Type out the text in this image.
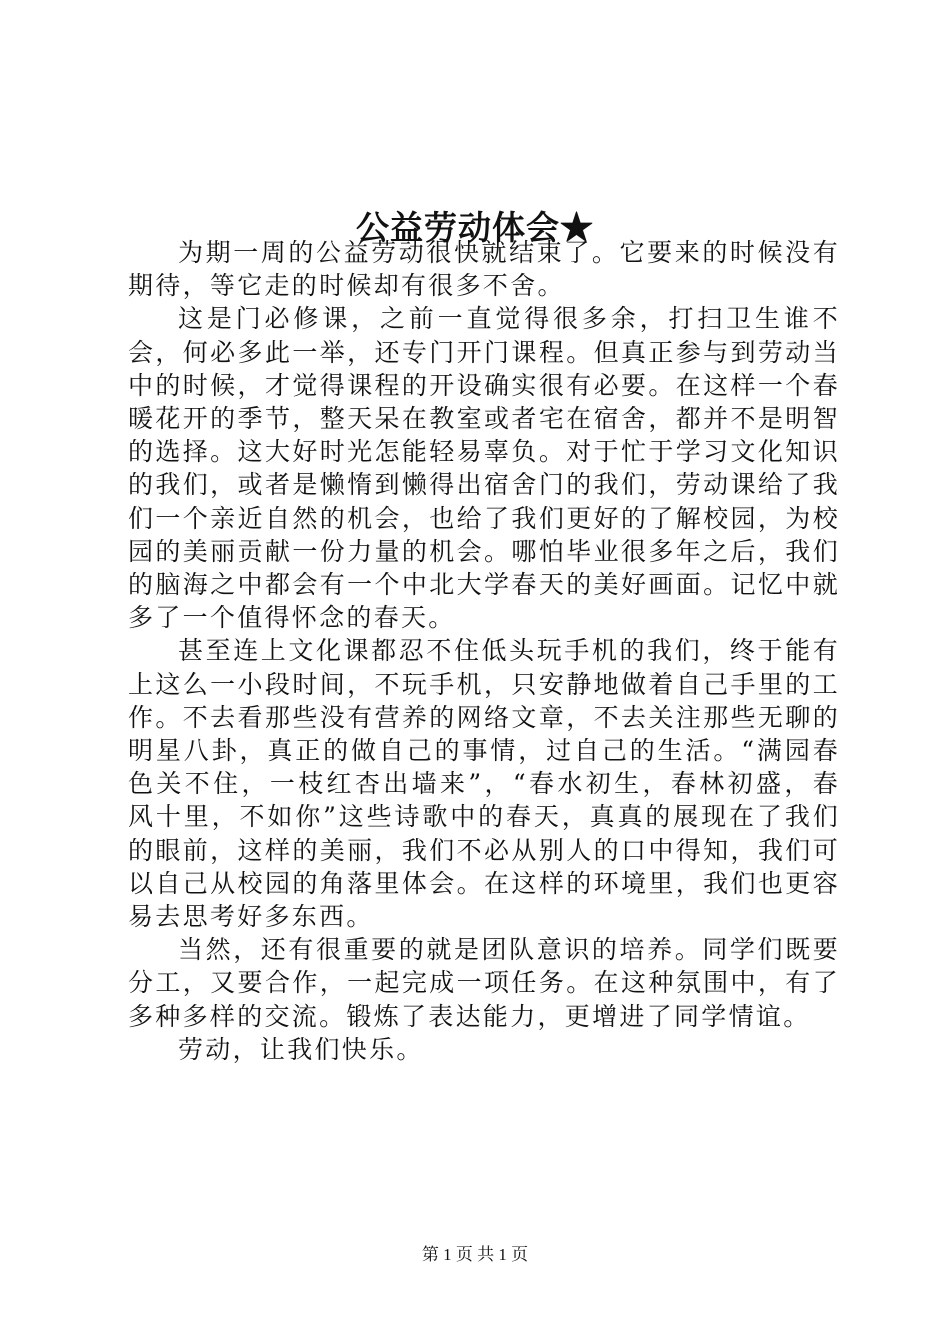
公益劳动体会★

为期一周的公益劳动很快就结束了。它要来的时候没有期待，等它走的时候却有很多不舍。

这是门必修课，之前一直觉得很多余，打扫卫生谁不会，何必多此一举，还专门开门课程。但真正参与到劳动当中的时候，才觉得课程的开设确实很有必要。在这样一个春暖花开的季节，整天呆在教室或者宅在宿舍，都并不是明智的选择。这大好时光怎能轻易辜负。对于忙于学习文化知识的我们，或者是懒惰到懒得出宿舍门的我们，劳动课给了我们一个亲近自然的机会，也给了我们更好的了解校园，为校园的美丽贡献一份力量的机会。哪怕毕业很多年之后，我们的脑海之中都会有一个中北大学春天的美好画面。记忆中就多了一个值得怀念的春天。

甚至连上文化课都忍不住低头玩手机的我们，终于能有上这么一小段时间，不玩手机，只安静地做着自己手里的工作。不去看那些没有营养的网络文章，不去关注那些无聊的明星八卦，真正的做自己的事情，过自己的生活。“满园春色关不住，一枝红杏出墙来”，“春水初生，春林初盛，春风十里，不如你”这些诗歌中的春天，真真的展现在了我们的眼前，这样的美丽，我们不必从别人的口中得知，我们可以自己从校园的角落里体会。在这样的环境里，我们也更容易去思考好多东西。

当然，还有很重要的就是团队意识的培养。同学们既要分工，又要合作，一起完成一项任务。在这种氛围中，有了多种多样的交流。锻炼了表达能力，更增进了同学情谊。

劳动，让我们快乐。

第 1 页 共 1 页
